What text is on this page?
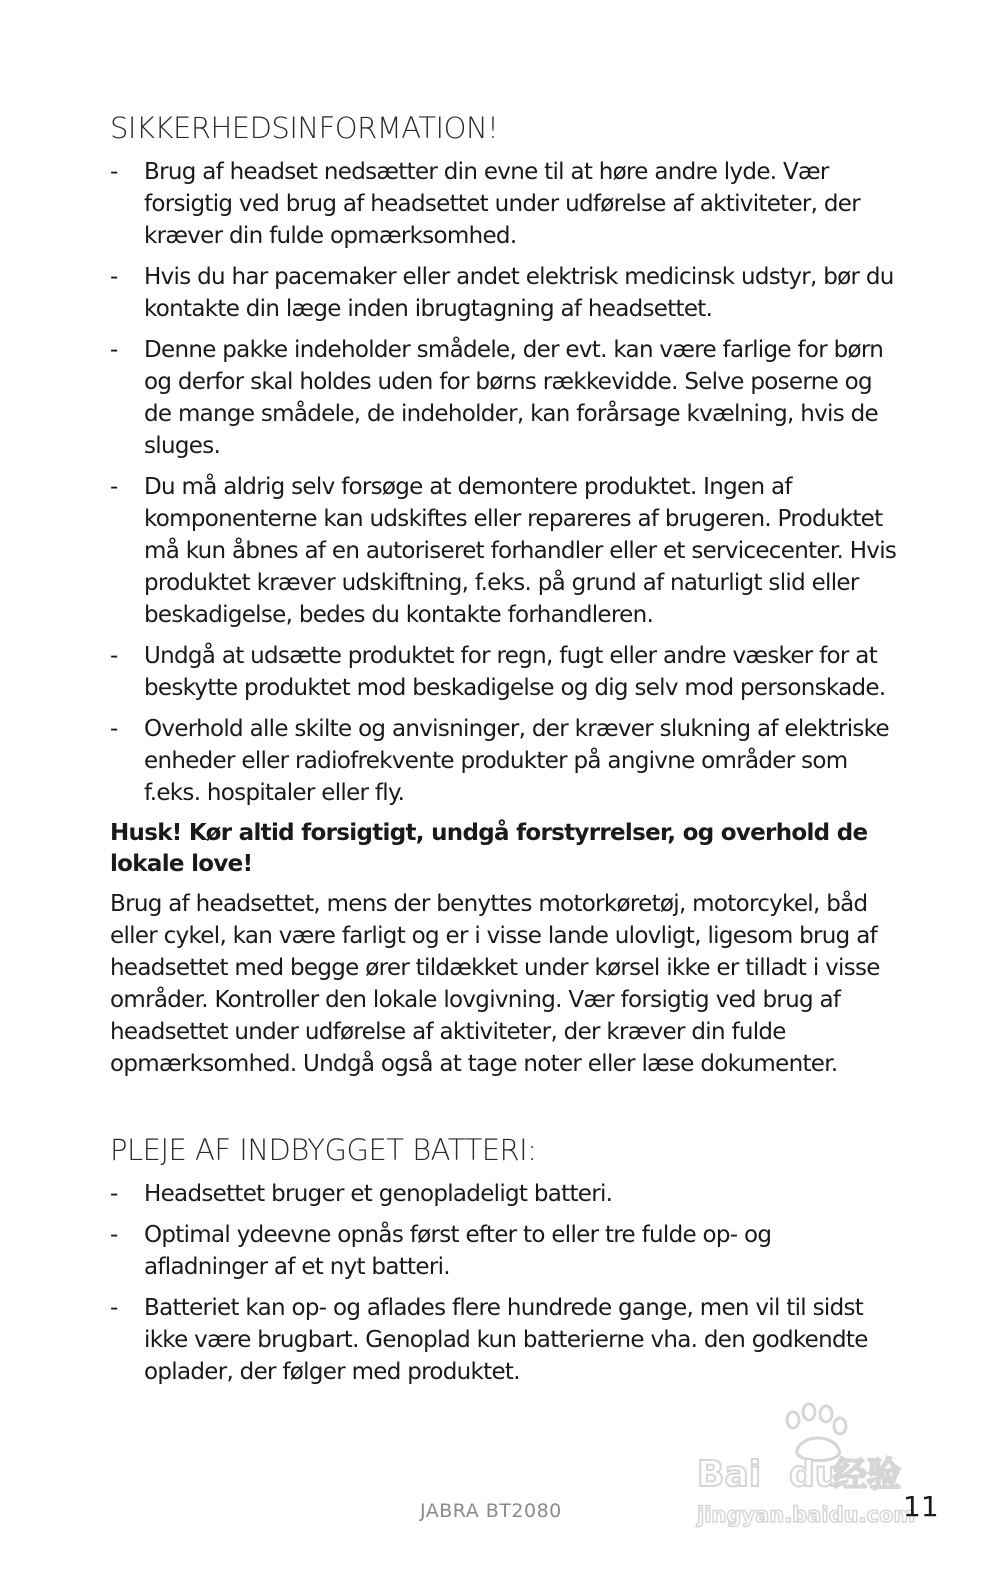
SIKKERHEDSINFORMATION!
- Brug af headset nedsætter din evne til at høre andre lyde. Vær forsigtig ved brug af headsettet under udførelse af aktiviteter, der kræver din fulde opmærksomhed.
- Hvis du har pacemaker eller andet elektrisk medicinsk udstyr, bør du kontakte din læge inden ibrugtagning af headsettet.
- Denne pakke indeholder smådele, der evt. kan være farlige for børn og derfor skal holdes uden for børns rækkevidde. Selve poserne og de mange smådele, de indeholder, kan forårsage kvælning, hvis de sluges.
- Du må aldrig selv forsøge at demontere produktet. Ingen af komponenterne kan udskiftes eller repareres af brugeren. Produktet må kun åbnes af en autoriseret forhandler eller et servicecenter. Hvis produktet kræver udskiftning, f.eks. på grund af naturligt slid eller beskadigelse, bedes du kontakte forhandleren.
- Undgå at udsætte produktet for regn, fugt eller andre væsker for at beskytte produktet mod beskadigelse og dig selv mod personskade.
- Overhold alle skilte og anvisninger, der kræver slukning af elektriske enheder eller radiofrekvente produkter på angivne områder som f.eks. hospitaler eller fly.

Husk! Kør altid forsigtigt, undgå forstyrrelser, og overhold de lokale love!

Brug af headsettet, mens der benyttes motorkøretøj, motorcykel, båd eller cykel, kan være farligt og er i visse lande ulovligt, ligesom brug af headsettet med begge ører tildækket under kørsel ikke er tilladt i visse områder. Kontroller den lokale lovgivning. Vær forsigtig ved brug af headsettet under udførelse af aktiviteter, der kræver din fulde opmærksomhed. Undgå også at tage noter eller læse dokumenter.

PLEJE AF INDBYGGET BATTERI:
- Headsettet bruger et genopladeligt batteri.
- Optimal ydeevne opnås først efter to eller tre fulde op- og afladninger af et nyt batteri.
- Batteriet kan op- og aflades flere hundrede gange, men vil til sidst ikke være brugbart. Genoplad kun batterierne vha. den godkendte oplader, der følger med produktet.
JABRA BT2080
Bai du
经验
jingyan.baidu.com
11
